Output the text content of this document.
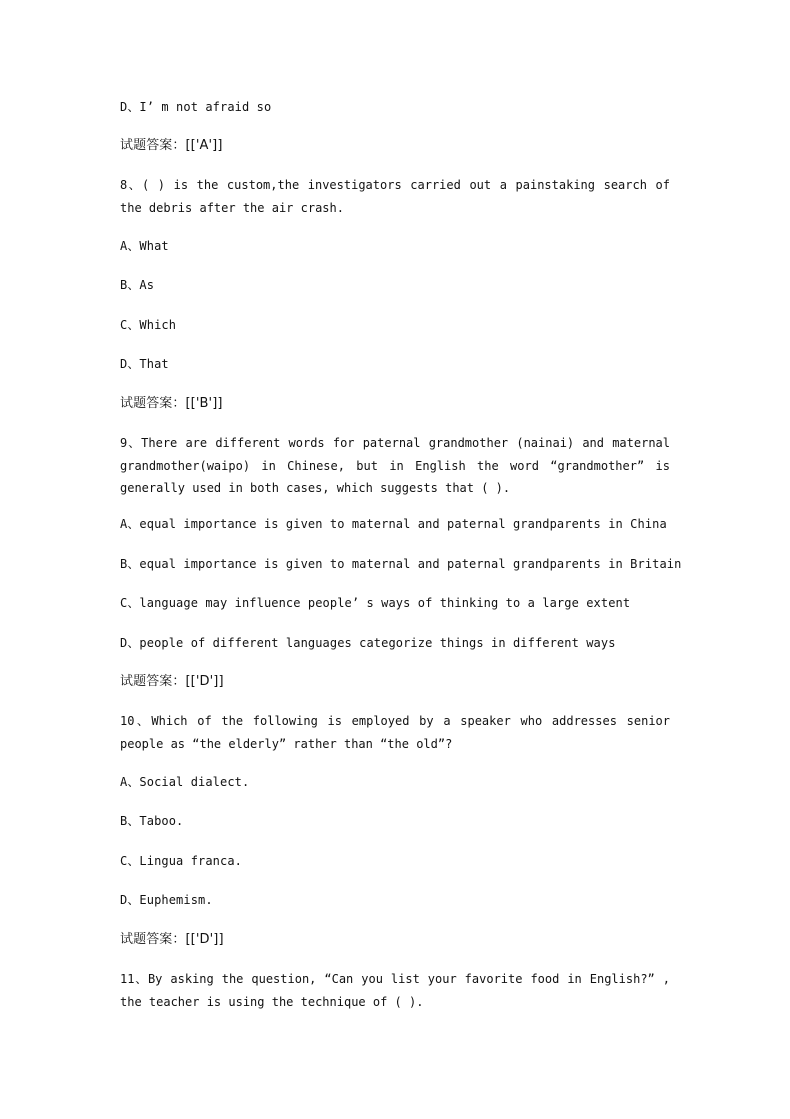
D、I’ m not afraid so
试题答案：[['A']]
8、( ) is the custom,the investigators carried out a painstaking search of the debris after the air crash.
A、What
B、As
C、Which
D、That
试题答案：[['B']]
9、There are different words for paternal grandmother (nainai) and maternal grandmother(waipo) in Chinese, but in English the word “grandmother” is generally used in both cases, which suggests that ( ).
A、equal importance is given to maternal and paternal grandparents in China
B、equal importance is given to maternal and paternal grandparents in Britain
C、language may influence people’ s ways of thinking to a large extent
D、people of different languages categorize things in different ways
试题答案：[['D']]
10、Which of the following is employed by a speaker who addresses senior people as “the elderly” rather than “the old”?
A、Social dialect.
B、Taboo.
C、Lingua franca.
D、Euphemism.
试题答案：[['D']]
11、By asking the question, “Can you list your favorite food in English?” , the teacher is using the technique of ( ).
